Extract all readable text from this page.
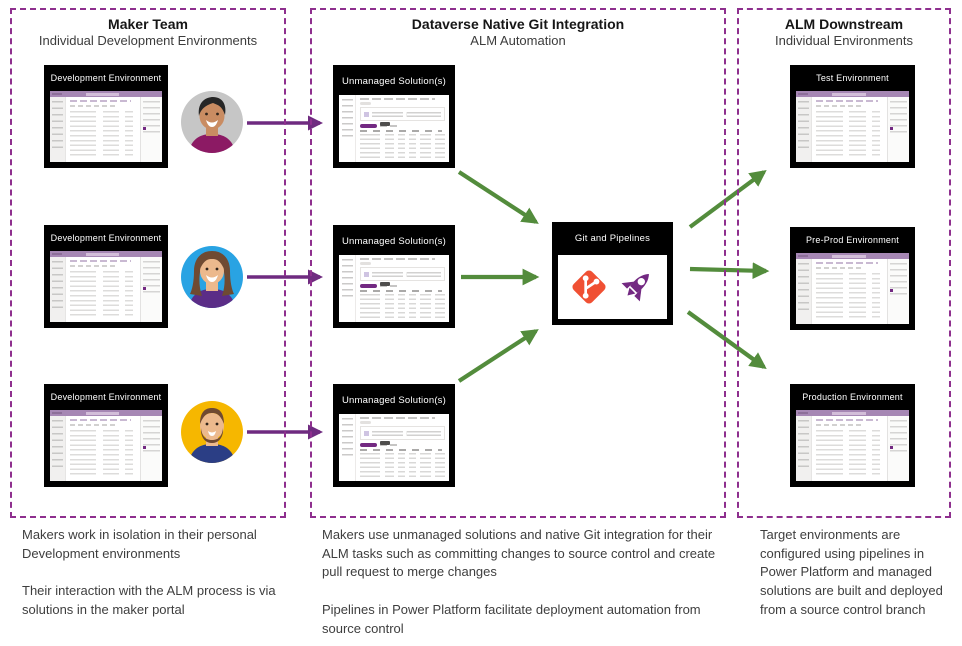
Maker Team
Individual Development Environments
Dataverse Native Git Integration
ALM Automation
ALM Downstream
Individual Environments
Development Environment
Development Environment
Development Environment
Unmanaged Solution(s)
Unmanaged Solution(s)
Unmanaged Solution(s)
Git and Pipelines
Test Environment
Pre-Prod Environment
Production Environment

Makers work in isolation in their personal Development environments

Their interaction with the ALM process is via solutions in the maker portal

Makers use unmanaged solutions and native Git integration for their ALM tasks such as committing changes to source control and create pull request to merge changes

Pipelines in Power Platform facilitate deployment automation from source control

Target environments are configured using pipelines in Power Platform and managed solutions are built and deployed from a source control branch
